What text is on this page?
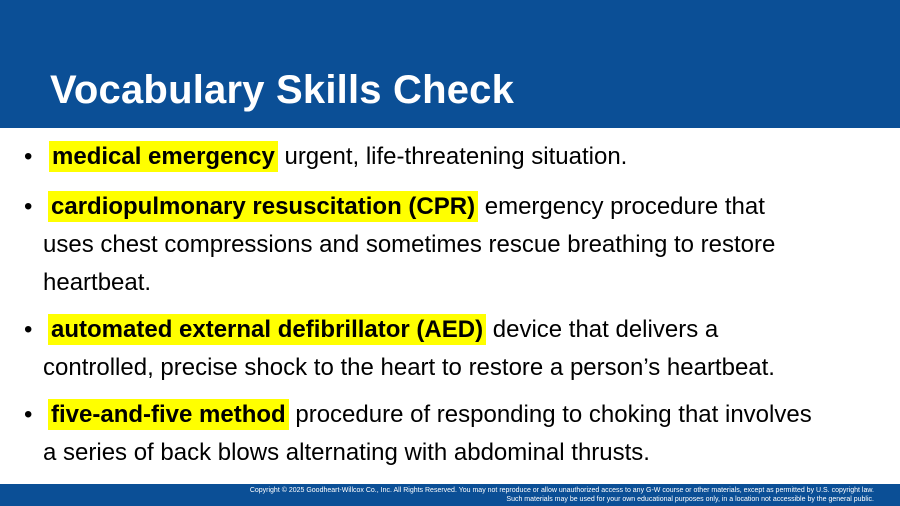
Vocabulary Skills Check
• medical emergency urgent, life-threatening situation.
• cardiopulmonary resuscitation (CPR) emergency procedure that
uses chest compressions and sometimes rescue breathing to restore
heartbeat.
• automated external defibrillator (AED) device that delivers a
controlled, precise shock to the heart to restore a person’s heartbeat.
• five-and-five method procedure of responding to choking that involves
a series of back blows alternating with abdominal thrusts.

Copyright © 2025 Goodheart-Willcox Co., Inc. All Rights Reserved. You may not reproduce or allow unauthorized access to any G-W course or other materials, except as permitted by U.S. copyright law.
Such materials may be used for your own educational purposes only, in a location not accessible by the general public.
